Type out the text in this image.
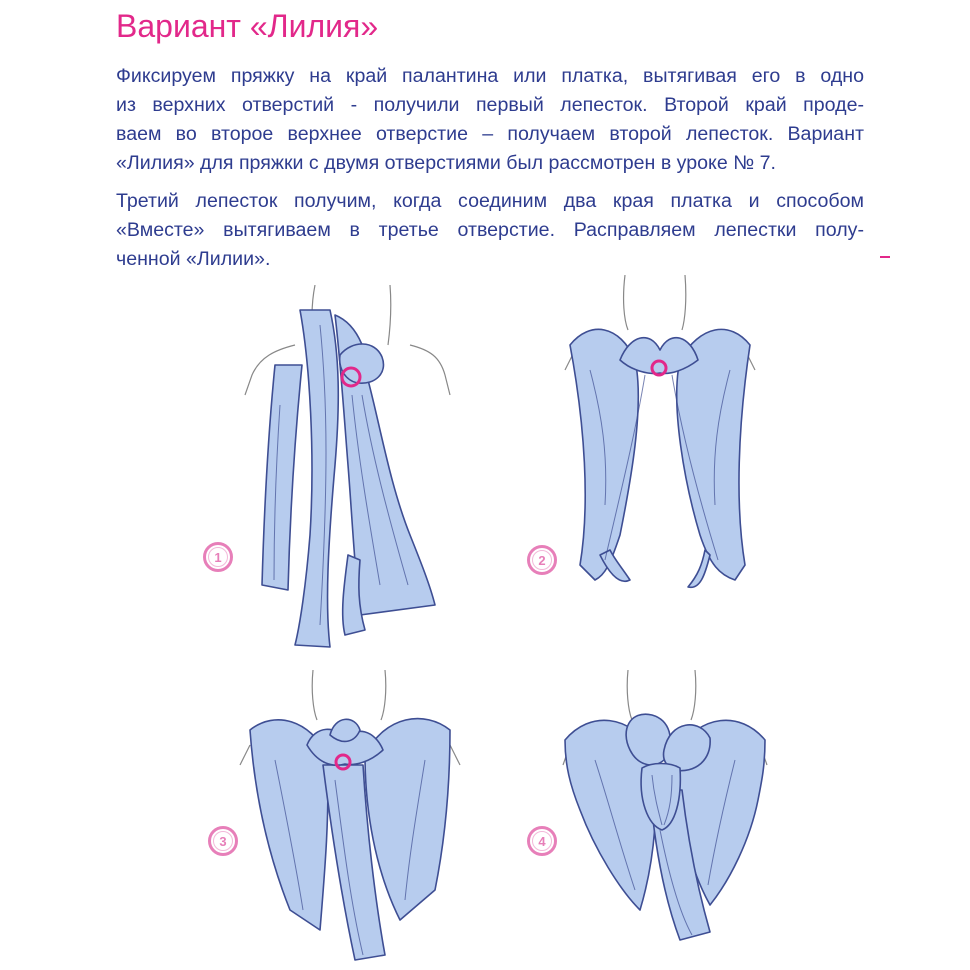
Вариант «Лилия»

Фиксируем пряжку на край палантина или платка, вытягивая его в одно
из верхних отверстий - получили первый лепесток. Второй край проде-
ваем во второе верхнее отверстие – получаем второй лепесток. Вариант
«Лилия» для пряжки с двумя отверстиями был рассмотрен в уроке № 7.

Третий лепесток получим, когда соединим два края платка и способом
«Вместе» вытягиваем в третье отверстие. Расправляем лепестки полу-
ченной «Лилии».

1	2
3	4
